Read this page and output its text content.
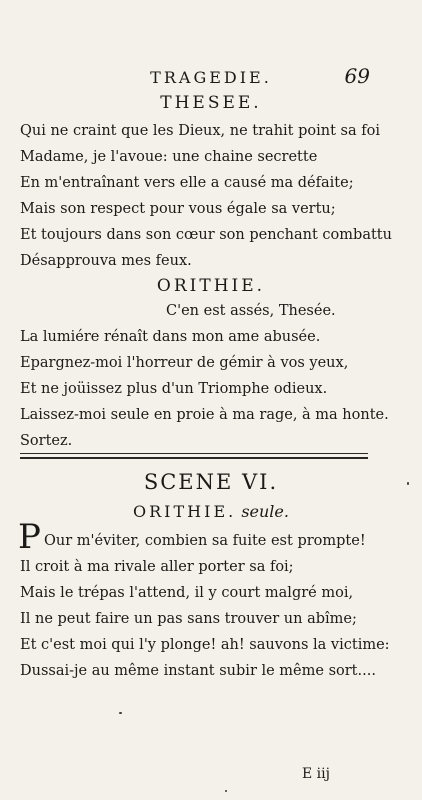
TRAGEDIE.	69
THESEE.
Qui ne craint que les Dieux, ne trahit point sa foi
Madame, je l'avoue: une chaine secrette
En m'entraînant vers elle a causé ma défaite;
Mais son respect pour vous égale sa vertu;
Et toujours dans son cœur son penchant combattu
Désapprouva mes feux.
ORITHIE.
C'en est assés, Thesée.
La lumiére rénaît dans mon ame abusée.
Epargnez-moi l'horreur de gémir à vos yeux,
Et ne joüissez plus d'un Triomphe odieux.
Laissez-moi seule en proie à ma rage, à ma honte.
Sortez.
SCENE VI.
ORITHIE. seule.
P Our m'éviter, combien sa fuite est prompte!
Il croit à ma rivale aller porter sa foi;
Mais le trépas l'attend, il y court malgré moi,
Il ne peut faire un pas sans trouver un abîme;
Et c'est moi qui l'y plonge! ah! sauvons la victime:
Dussai-je au même instant subir le même sort....
E iij
